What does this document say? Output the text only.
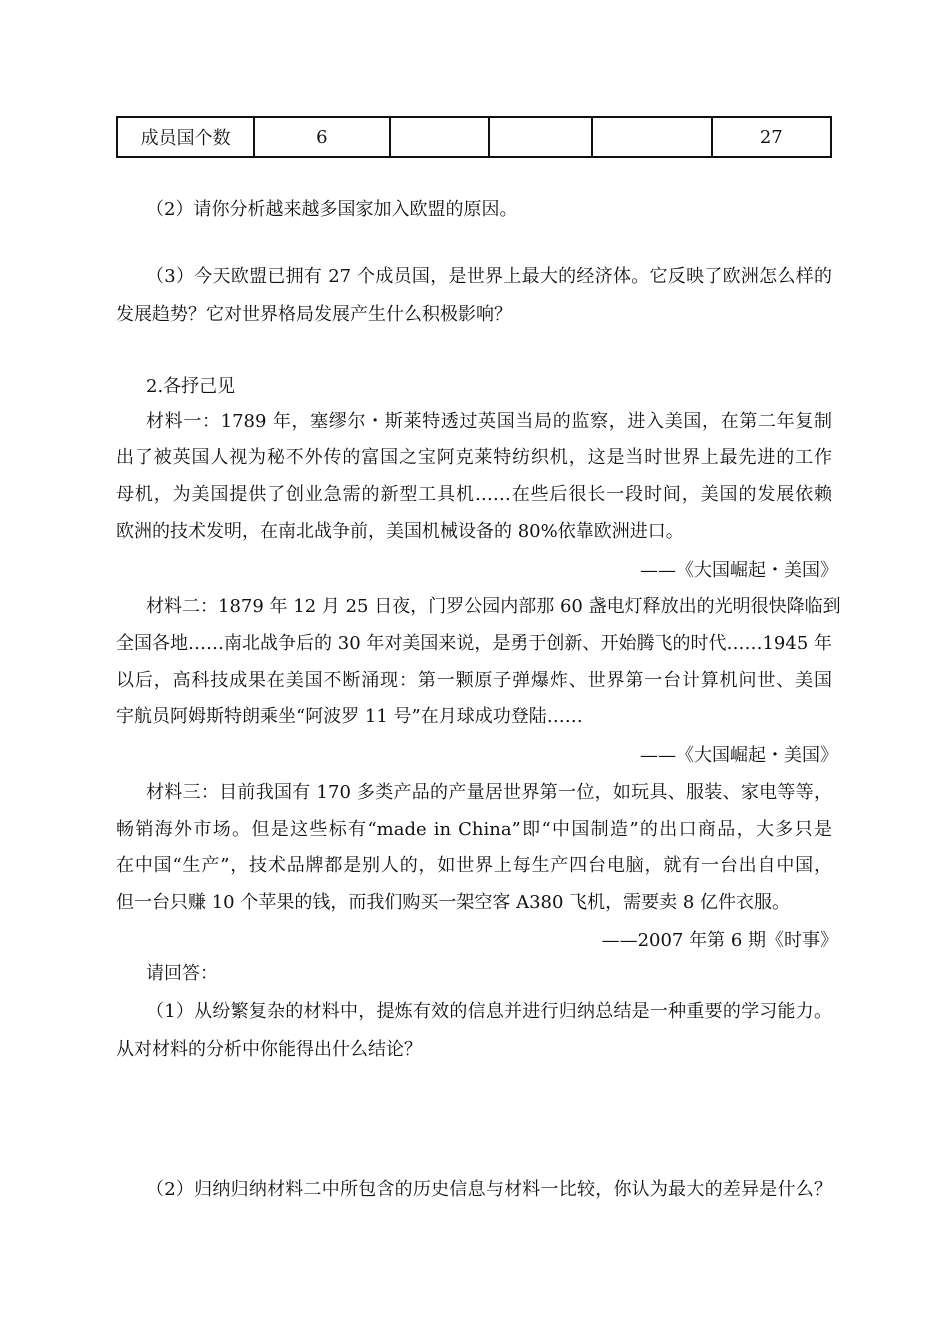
成员国个数	6				27
（2）请你分析越来越多国家加入欧盟的原因。
（3）今天欧盟已拥有 27 个成员国，是世界上最大的经济体。它反映了欧洲怎么样的
发展趋势？它对世界格局发展产生什么积极影响？
2.各抒己见
材料一：1789 年，塞缪尔・斯莱特透过英国当局的监察，进入美国，在第二年复制
出了被英国人视为秘不外传的富国之宝阿克莱特纺织机，这是当时世界上最先进的工作
母机，为美国提供了创业急需的新型工具机……在些后很长一段时间，美国的发展依赖
欧洲的技术发明，在南北战争前，美国机械设备的 80%依靠欧洲进口。
——《大国崛起・美国》
材料二：1879 年 12 月 25 日夜，门罗公园内部那 60 盏电灯释放出的光明很快降临到
全国各地……南北战争后的 30 年对美国来说，是勇于创新、开始腾飞的时代……1945 年
以后，高科技成果在美国不断涌现：第一颗原子弹爆炸、世界第一台计算机问世、美国
宇航员阿姆斯特朗乘坐“阿波罗 11 号”在月球成功登陆……
——《大国崛起・美国》
材料三：目前我国有 170 多类产品的产量居世界第一位，如玩具、服装、家电等等，
畅销海外市场。但是这些标有“made in China”即“中国制造”的出口商品，大多只是
在中国“生产”，技术品牌都是别人的，如世界上每生产四台电脑，就有一台出自中国，
但一台只赚 10 个苹果的钱，而我们购买一架空客 A380 飞机，需要卖 8 亿件衣服。
——2007 年第 6 期《时事》
请回答：
（1）从纷繁复杂的材料中，提炼有效的信息并进行归纳总结是一种重要的学习能力。
从对材料的分析中你能得出什么结论？
（2）归纳归纳材料二中所包含的历史信息与材料一比较，你认为最大的差异是什么？
